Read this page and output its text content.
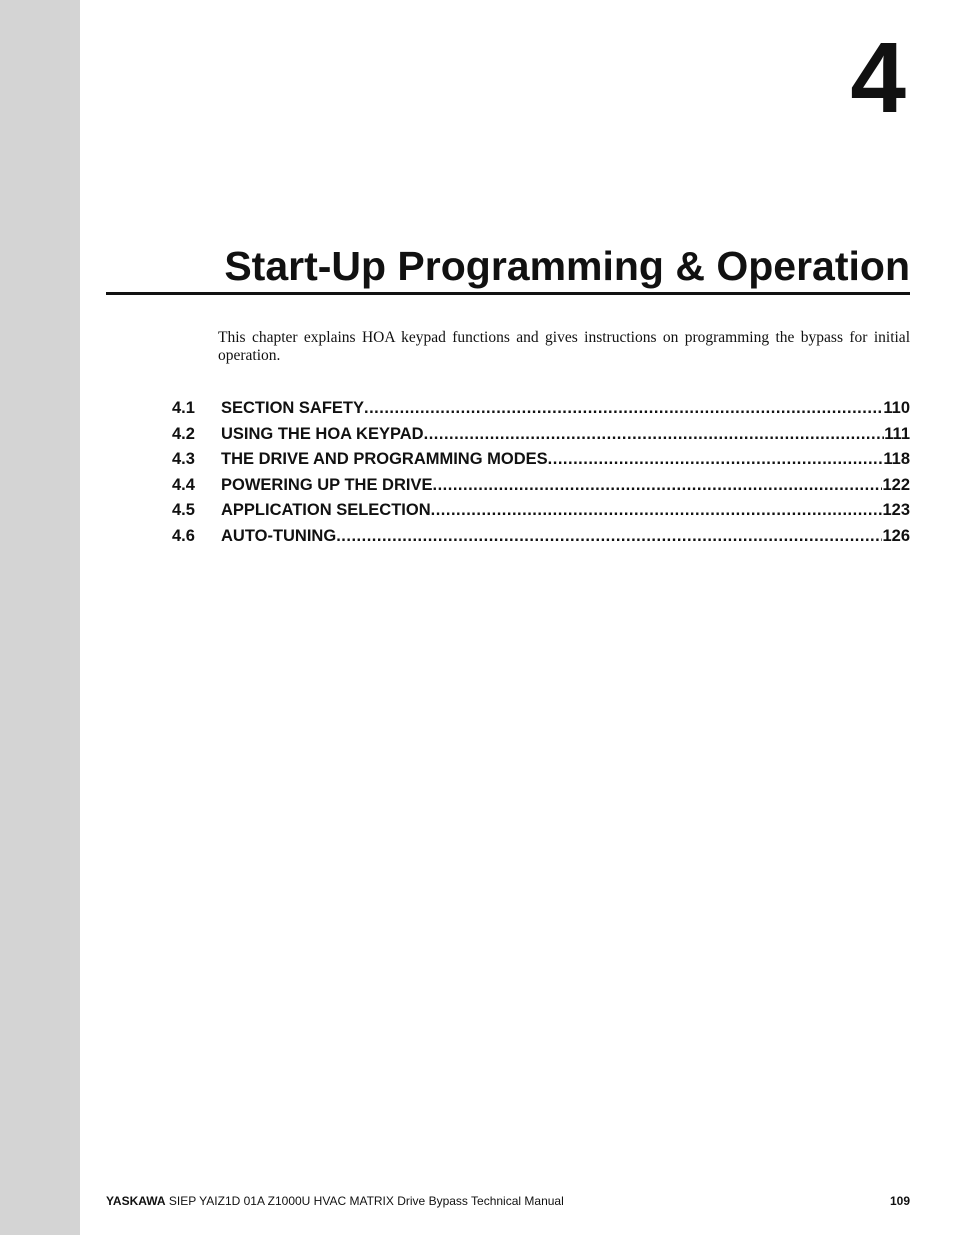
4
Start-Up Programming & Operation
This chapter explains HOA keypad functions and gives instructions on programming the bypass for initial operation.
4.1	SECTION SAFETY .....	110
4.2	USING THE HOA KEYPAD .....	111
4.3	THE DRIVE AND PROGRAMMING MODES .....	118
4.4	POWERING UP THE DRIVE .....	122
4.5	APPLICATION SELECTION .....	123
4.6	AUTO-TUNING .....	126
YASKAWA SIEP YAIZ1D 01A Z1000U HVAC MATRIX Drive Bypass Technical Manual	109
